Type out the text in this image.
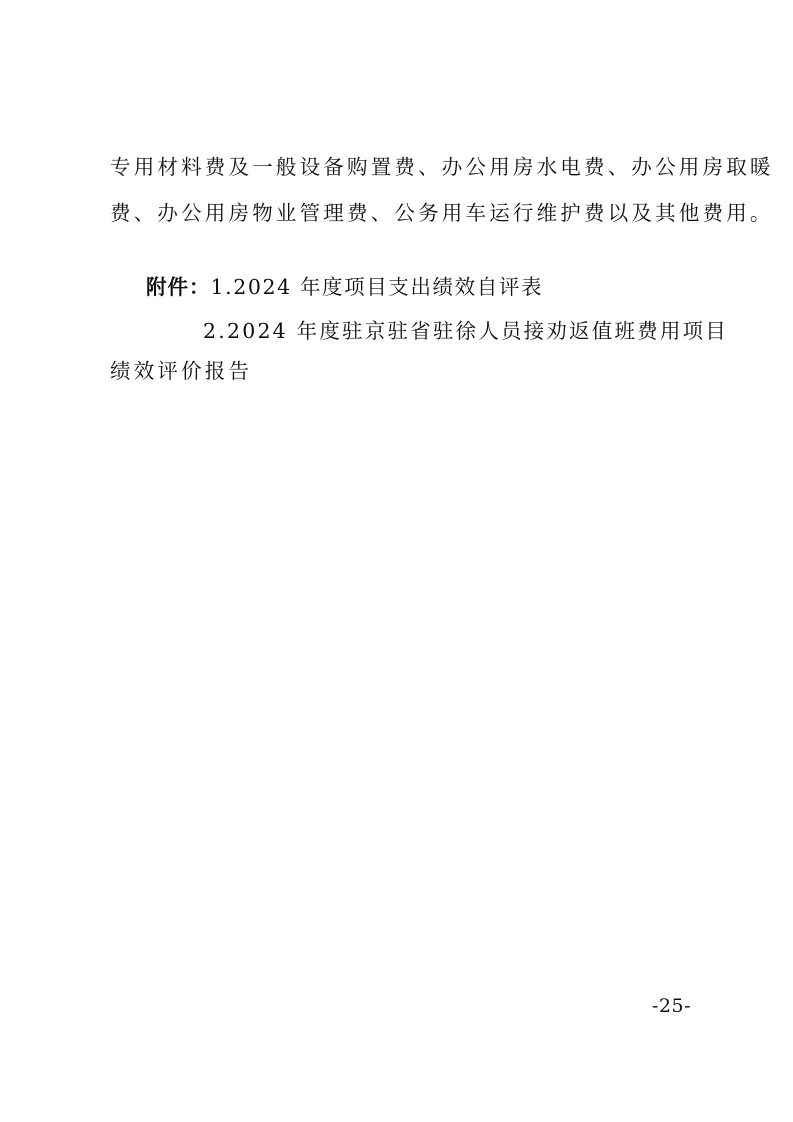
专用材料费及一般设备购置费、办公用房水电费、办公用房取暖
费、办公用房物业管理费、公务用车运行维护费以及其他费用。
附件：1.2024 年度项目支出绩效自评表
2.2024 年度驻京驻省驻徐人员接劝返值班费用项目
绩效评价报告
-25-
